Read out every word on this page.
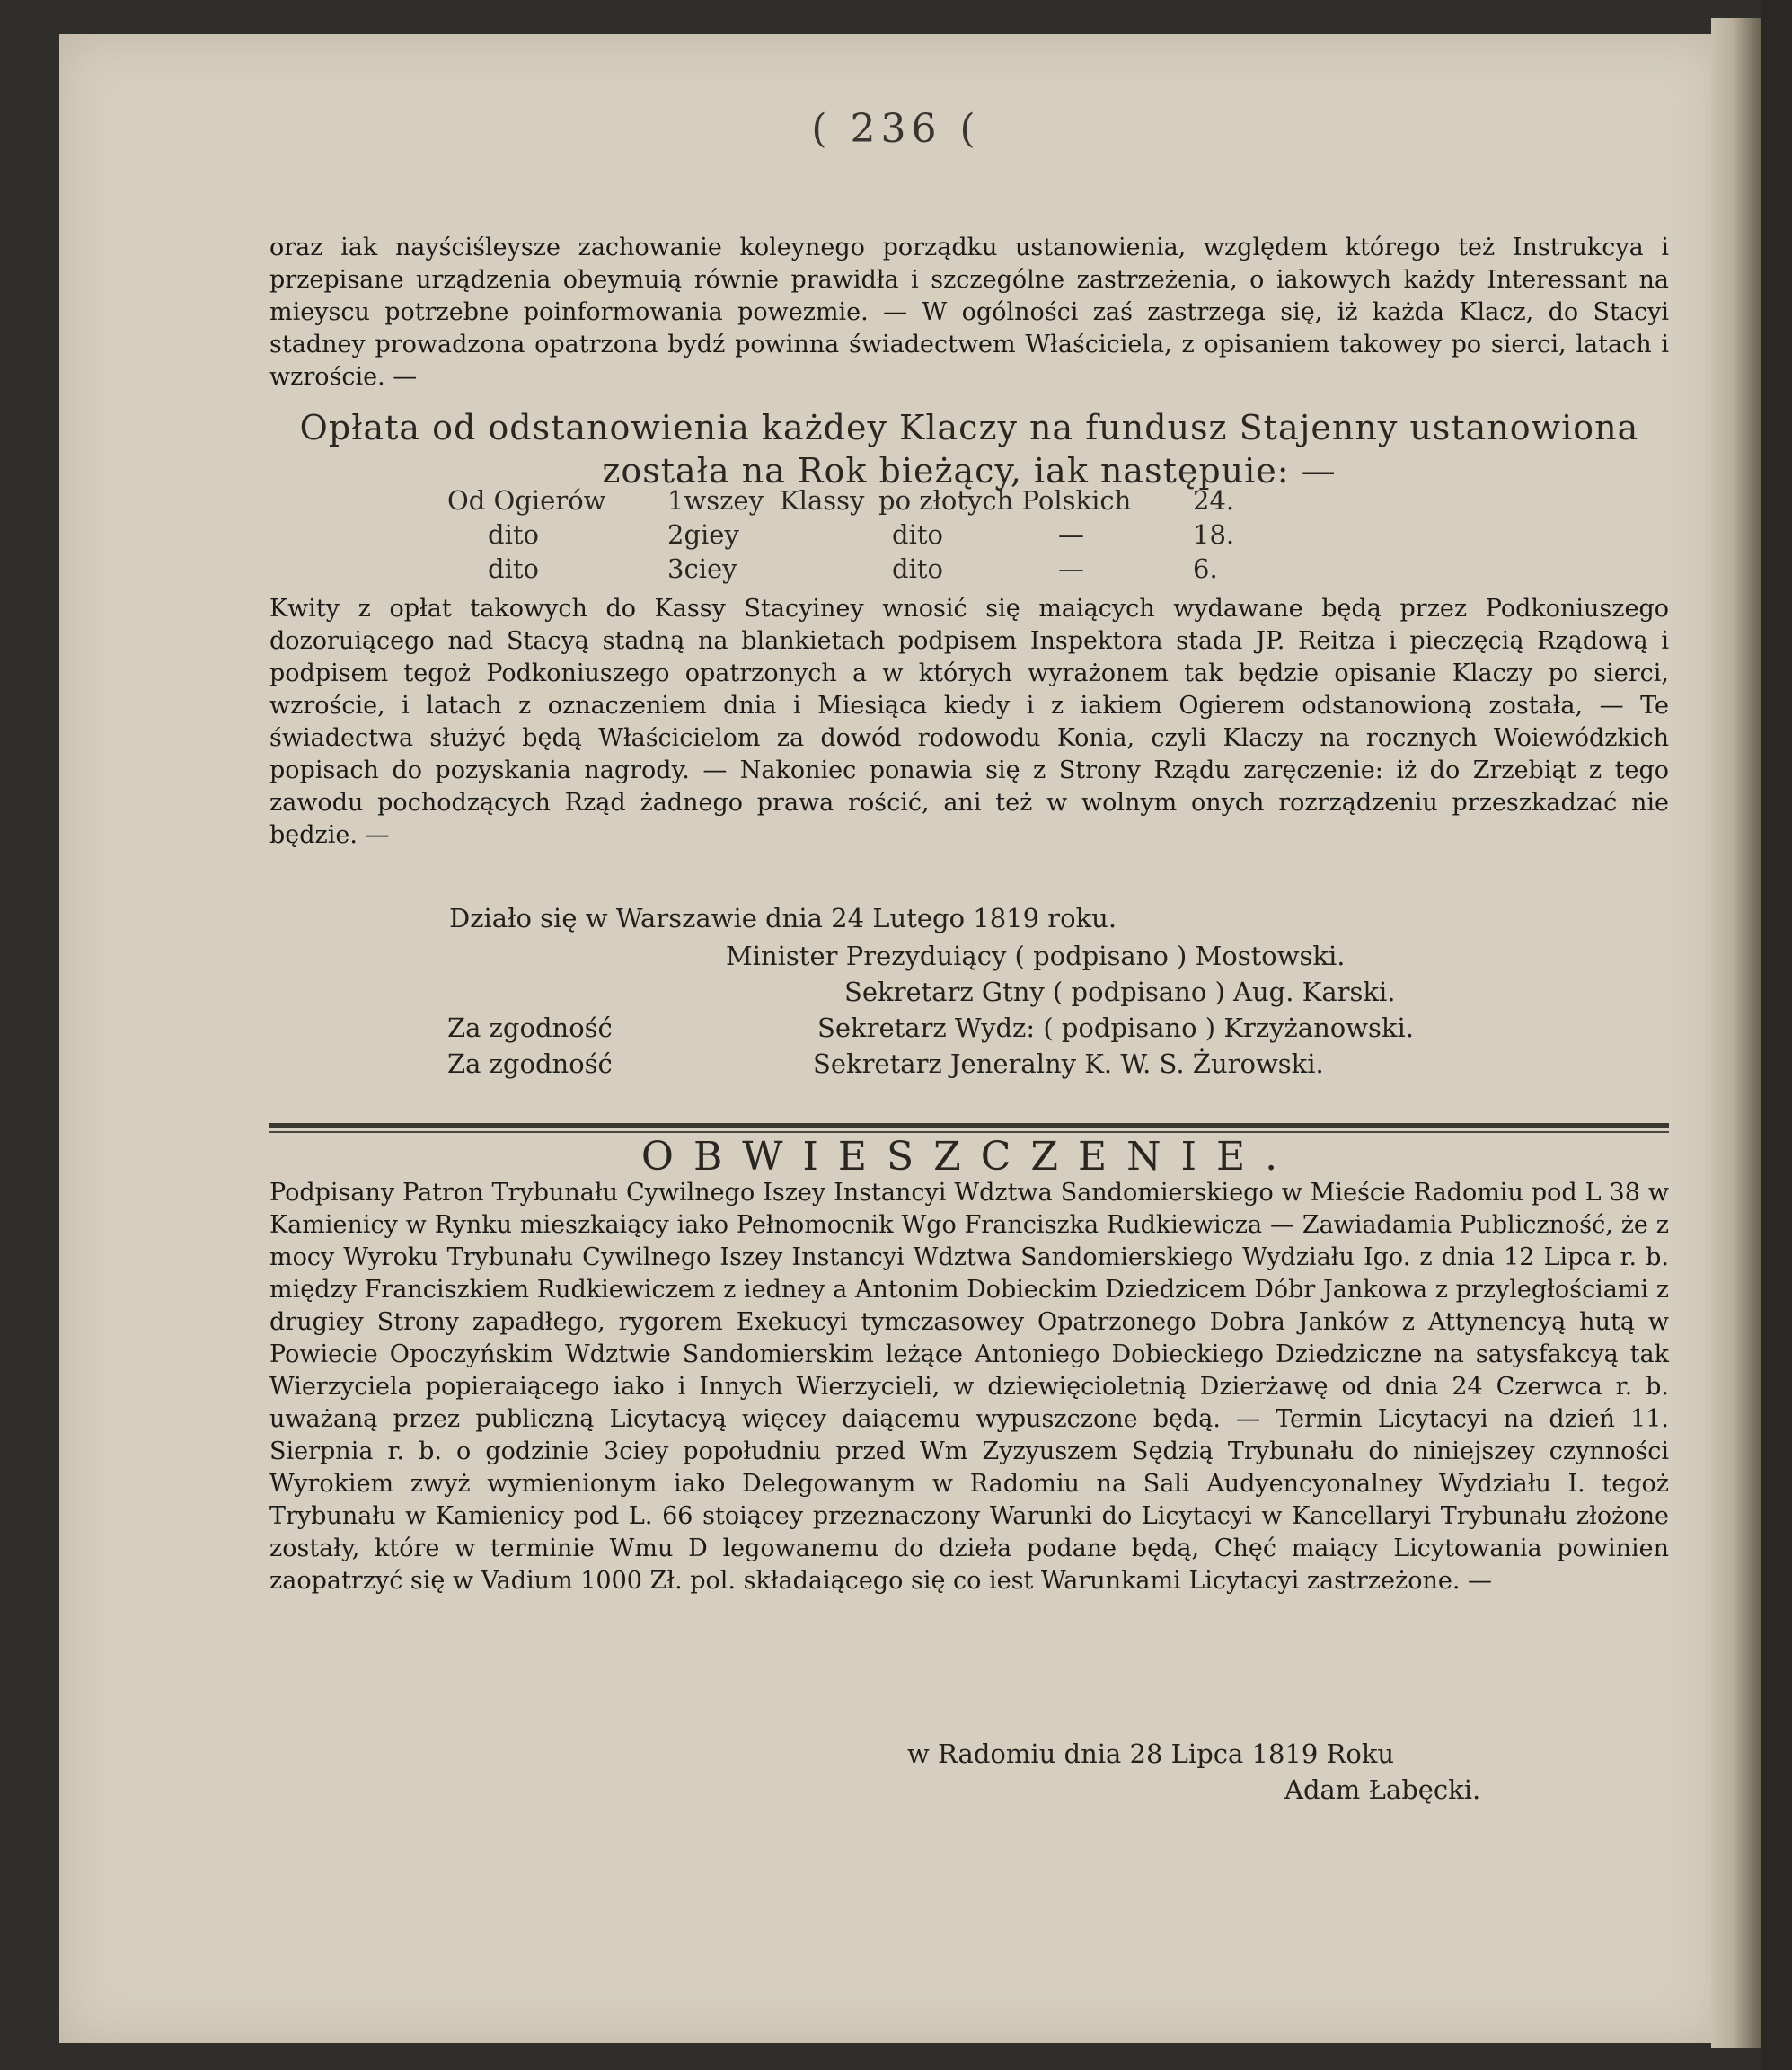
( 236 (
oraz iak nayściśleysze zachowanie koleynego porządku ustanowienia, względem którego też Instrukcya i przepisane urządzenia obeymuią równie prawidła i szczególne zastrzeżenia, o iakowych każdy Interessant na mieyscu potrzebne poinformowania powezmie. — W ogólności zaś zastrzega się, iż każda Klacz, do Stacyi stadney prowadzona opatrzona bydź powinna świadectwem Właściciela, z opisaniem takowey po sierci, latach i wzroście. —
Opłata od odstanowienia każdey Klaczy na fundusz Stajenny ustanowiona została na Rok bieżący, iak następuie: —
Od Ogierów 1wszey Klassy po złotych Polskich 24.
dito	2giey	dito	—	18.
dito	3ciey	dito	—	6.
Kwity z opłat takowych do Kassy Stacyiney wnosić się maiących wydawane będą przez Podkoniuszego dozoruiącego nad Stacyą stadną na blankietach podpisem Inspektora stada JP. Reitza i pieczęcią Rządową i podpisem tegoż Podkoniuszego opatrzonych a w których wyrażonem tak będzie opisanie Klaczy po sierci, wzroście, i latach z oznaczeniem dnia i Miesiąca kiedy i z iakiem Ogierem odstanowioną została, — Te świadectwa służyć będą Właścicielom za dowód rodowodu Konia, czyli Klaczy na rocznych Woiewódzkich popisach do pozyskania nagrody. — Nakoniec ponawia się z Strony Rządu zaręczenie: iż do Zrzebiąt z tego zawodu pochodzących Rząd żadnego prawa rościć, ani też w wolnym onych rozrządzeniu przeszkadzać nie będzie. —
Działo się w Warszawie dnia 24 Lutego 1819 roku.
Minister Prezyduiący ( podpisano ) Mostowski.
Sekretarz Gtny ( podpisano ) Aug. Karski.
Za zgodność	Sekretarz Wydz: ( podpisano ) Krzyżanowski.
Za zgodność	Sekretarz Jeneralny K. W. S. Żurowski.
OBWIESZCZENIE.
Podpisany Patron Trybunału Cywilnego Iszey Instancyi Wdztwa Sandomierskiego w Mieście Radomiu pod L 38 w Kamienicy w Rynku mieszkaiący iako Pełnomocnik Wgo Franciszka Rudkiewicza — Zawiadamia Publiczność, że z mocy Wyroku Trybunału Cywilnego Iszey Instancyi Wdztwa Sandomierskiego Wydziału Igo. z dnia 12 Lipca r. b. między Franciszkiem Rudkiewiczem z iedney a Antonim Dobieckim Dziedzicem Dóbr Jankowa z przyległościami z drugiey Strony zapadłego, rygorem Exekucyi tymczasowey Opatrzonego Dobra Janków z Attynencyą hutą w Powiecie Opoczyńskim Wdztwie Sandomierskim leżące Antoniego Dobieckiego Dziedziczne na satysfakcyą tak Wierzyciela popieraiącego iako i Innych Wierzycieli, w dziewięcioletnią Dzierżawę od dnia 24 Czerwca r. b. uważaną przez publiczną Licytacyą więcey daiącemu wypuszczone będą. — Termin Licytacyi na dzień 11. Sierpnia r. b. o godzinie 3ciey popołudniu przed Wm Zyzyuszem Sędzią Trybunału do niniejszey czynności Wyrokiem zwyż wymienionym iako Delegowanym w Radomiu na Sali Audyencyonalney Wydziału I. tegoż Trybunału w Kamienicy pod L. 66 stoiącey przeznaczony Warunki do Licytacyi w Kancellaryi Trybunału złożone zostały, które w terminie Wmu D legowanemu do dzieła podane będą, Chęć maiący Licytowania powinien zaopatrzyć się w Vadium 1000 Zł. pol. składaiącego się co iest Warunkami Licytacyi zastrzeżone. —
w Radomiu dnia 28 Lipca 1819 Roku
Adam Łabęcki.
